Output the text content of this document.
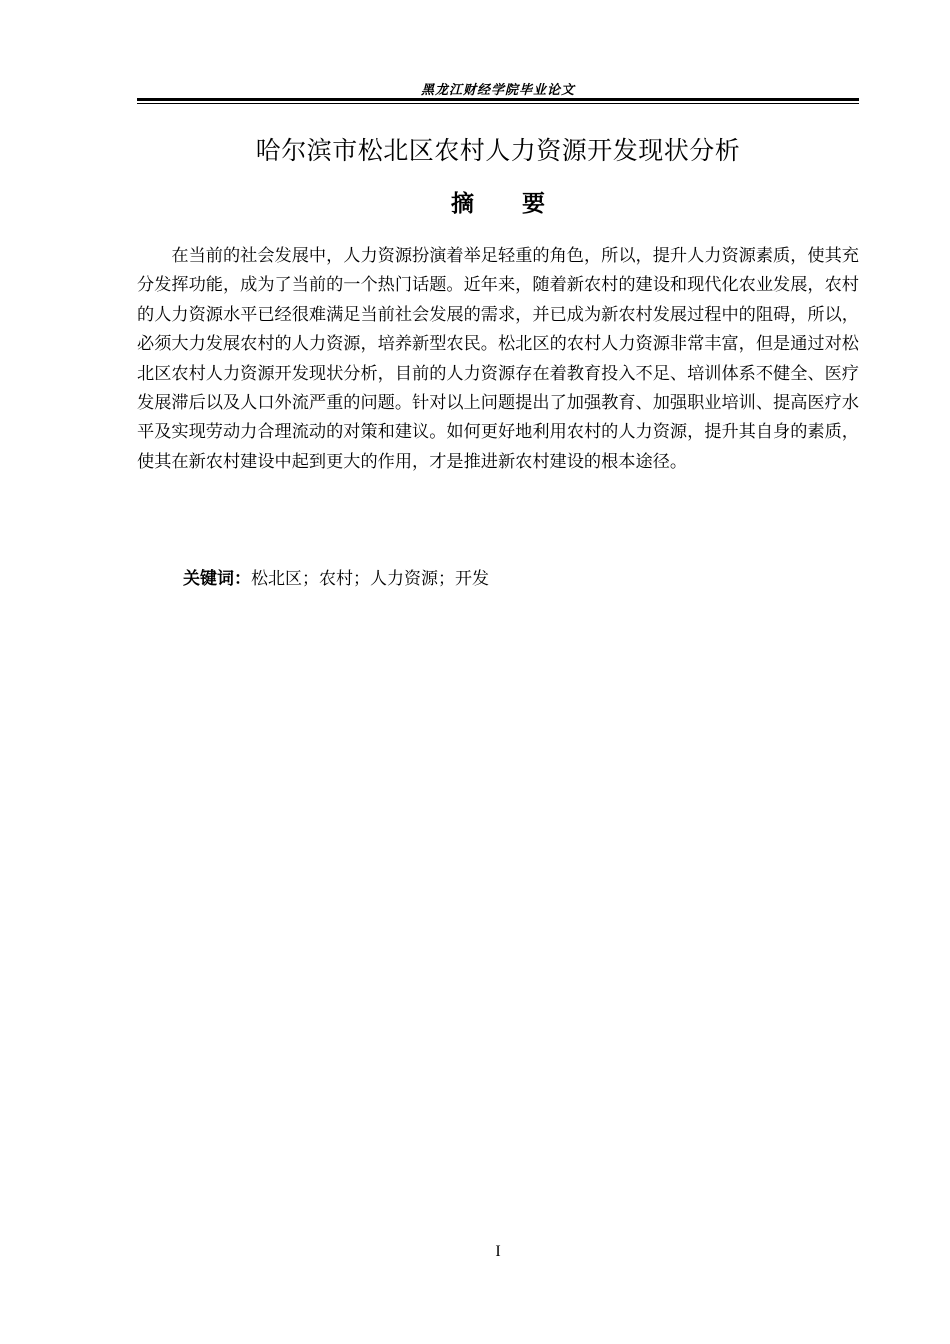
黑龙江财经学院毕业论文
哈尔滨市松北区农村人力资源开发现状分析
摘要

在当前的社会发展中，人力资源扮演着举足轻重的角色，所以，提升人力资源素质，使其充分发挥功能，成为了当前的一个热门话题。近年来，随着新农村的建设和现代化农业发展，农村的人力资源水平已经很难满足当前社会发展的需求，并已成为新农村发展过程中的阻碍，所以，必须大力发展农村的人力资源，培养新型农民。松北区的农村人力资源非常丰富，但是通过对松北区农村人力资源开发现状分析，目前的人力资源存在着教育投入不足、培训体系不健全、医疗发展滞后以及人口外流严重的问题。针对以上问题提出了加强教育、加强职业培训、提高医疗水平及实现劳动力合理流动的对策和建议。如何更好地利用农村的人力资源，提升其自身的素质，使其在新农村建设中起到更大的作用，才是推进新农村建设的根本途径。

关键词：松北区；农村；人力资源；开发
I
